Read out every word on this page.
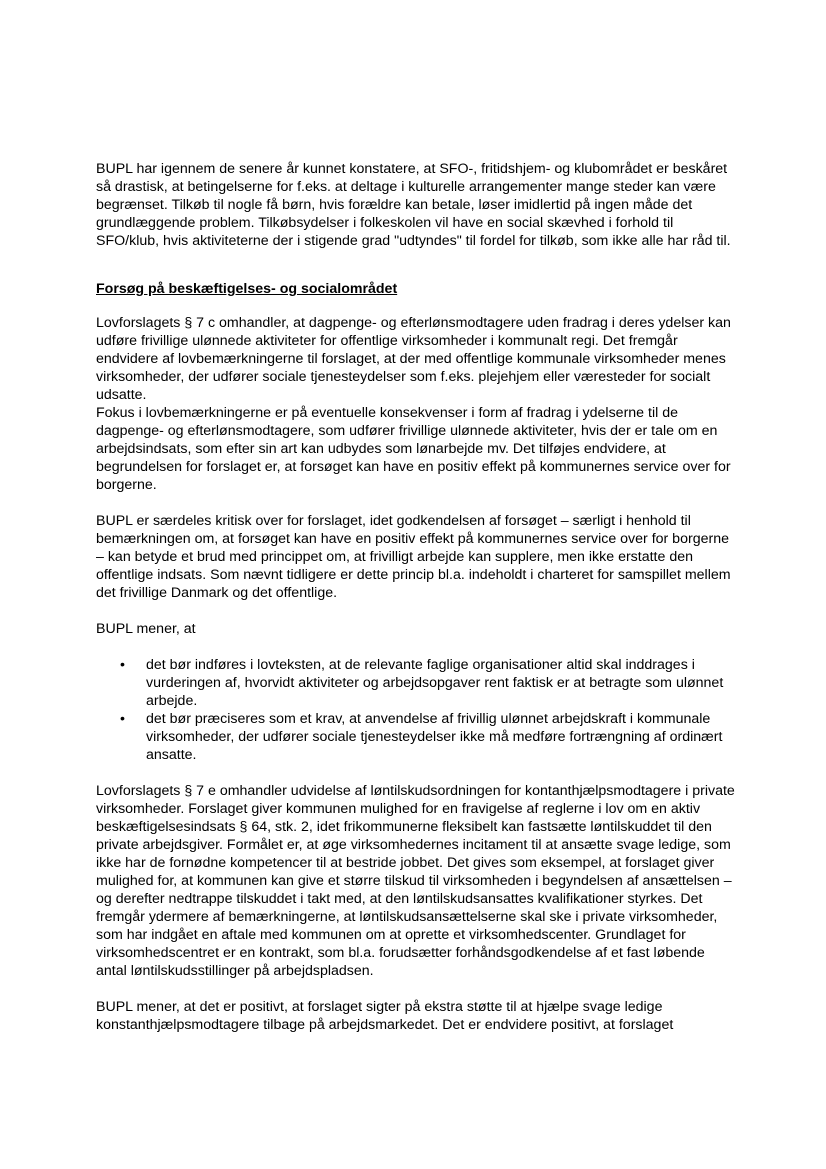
BUPL har igennem de senere år kunnet konstatere, at SFO-, fritidshjem- og klubområdet er beskåret så drastisk, at betingelserne for f.eks. at deltage i kulturelle arrangementer mange steder kan være begrænset. Tilkøb til nogle få børn, hvis forældre kan betale, løser imidlertid på ingen måde det grundlæggende problem. Tilkøbsydelser i folkeskolen vil have en social skævhed i forhold til SFO/klub, hvis aktiviteterne der i stigende grad "udtyndes" til fordel for tilkøb, som ikke alle har råd til.

Forsøg på beskæftigelses- og socialområdet

Lovforslagets § 7 c omhandler, at dagpenge- og efterlønsmodtagere uden fradrag i deres ydelser kan udføre frivillige ulønnede aktiviteter for offentlige virksomheder i kommunalt regi. Det fremgår endvidere af lovbemærkningerne til forslaget, at der med offentlige kommunale virksomheder menes virksomheder, der udfører sociale tjenesteydelser som f.eks. plejehjem eller væresteder for socialt udsatte.

Fokus i lovbemærkningerne er på eventuelle konsekvenser i form af fradrag i ydelserne til de dagpenge- og efterlønsmodtagere, som udfører frivillige ulønnede aktiviteter, hvis der er tale om en arbejdsindsats, som efter sin art kan udbydes som lønarbejde mv. Det tilføjes endvidere, at begrundelsen for forslaget er, at forsøget kan have en positiv effekt på kommunernes service over for borgerne.

BUPL er særdeles kritisk over for forslaget, idet godkendelsen af forsøget – særligt i henhold til bemærkningen om, at forsøget kan have en positiv effekt på kommunernes service over for borgerne – kan betyde et brud med princippet om, at frivilligt arbejde kan supplere, men ikke erstatte den offentlige indsats. Som nævnt tidligere er dette princip bl.a. indeholdt i charteret for samspillet mellem det frivillige Danmark og det offentlige.

BUPL mener, at

• det bør indføres i lovteksten, at de relevante faglige organisationer altid skal inddrages i vurderingen af, hvorvidt aktiviteter og arbejdsopgaver rent faktisk er at betragte som ulønnet arbejde.
• det bør præciseres som et krav, at anvendelse af frivillig ulønnet arbejdskraft i kommunale virksomheder, der udfører sociale tjenesteydelser ikke må medføre fortrængning af ordinært ansatte.

Lovforslagets § 7 e omhandler udvidelse af løntilskudsordningen for kontanthjælpsmodtagere i private virksomheder. Forslaget giver kommunen mulighed for en fravigelse af reglerne i lov om en aktiv beskæftigelsesindsats § 64, stk. 2, idet frikommunerne fleksibelt kan fastsætte løntilskuddet til den private arbejdsgiver. Formålet er, at øge virksomhedernes incitament til at ansætte svage ledige, som ikke har de fornødne kompetencer til at bestride jobbet. Det gives som eksempel, at forslaget giver mulighed for, at kommunen kan give et større tilskud til virksomheden i begyndelsen af ansættelsen – og derefter nedtrappe tilskuddet i takt med, at den løntilskudsansattes kvalifikationer styrkes. Det fremgår ydermere af bemærkningerne, at løntilskudsansættelserne skal ske i private virksomheder, som har indgået en aftale med kommunen om at oprette et virksomhedscenter. Grundlaget for virksomhedscentret er en kontrakt, som bl.a. forudsætter forhåndsgodkendelse af et fast løbende antal løntilskudsstillinger på arbejdspladsen.

BUPL mener, at det er positivt, at forslaget sigter på ekstra støtte til at hjælpe svage ledige konstanthjælpsmodtagere tilbage på arbejdsmarkedet. Det er endvidere positivt, at forslaget
